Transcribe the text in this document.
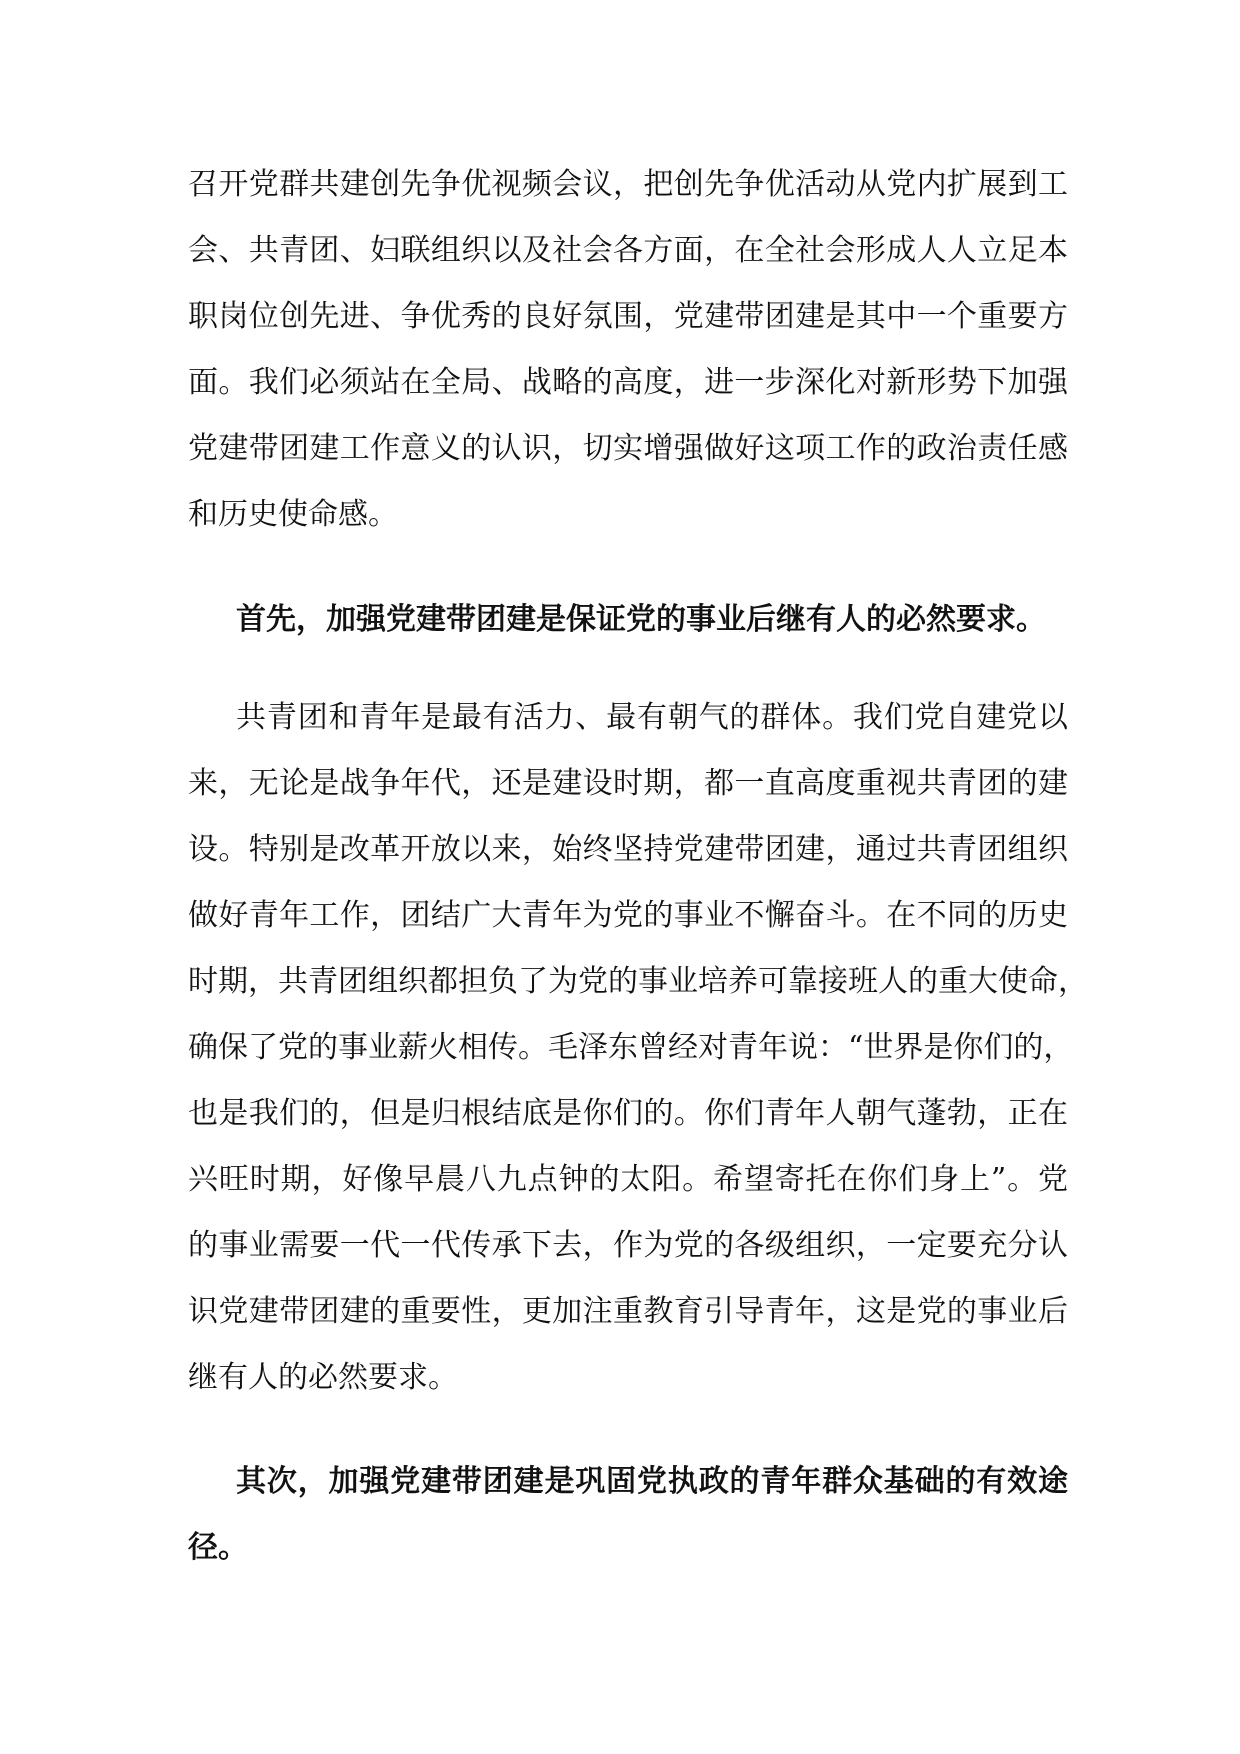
召开党群共建创先争优视频会议，把创先争优活动从党内扩展到工
会、共青团、妇联组织以及社会各方面，在全社会形成人人立足本
职岗位创先进、争优秀的良好氛围，党建带团建是其中一个重要方
面。我们必须站在全局、战略的高度，进一步深化对新形势下加强
党建带团建工作意义的认识，切实增强做好这项工作的政治责任感
和历史使命感。
首先，加强党建带团建是保证党的事业后继有人的必然要求。
共青团和青年是最有活力、最有朝气的群体。我们党自建党以
来，无论是战争年代，还是建设时期，都一直高度重视共青团的建
设。特别是改革开放以来，始终坚持党建带团建，通过共青团组织
做好青年工作，团结广大青年为党的事业不懈奋斗。在不同的历史
时期，共青团组织都担负了为党的事业培养可靠接班人的重大使命，
确保了党的事业薪火相传。毛泽东曾经对青年说：“世界是你们的，
也是我们的，但是归根结底是你们的。你们青年人朝气蓬勃，正在
兴旺时期，好像早晨八九点钟的太阳。希望寄托在你们身上”。党
的事业需要一代一代传承下去，作为党的各级组织，一定要充分认
识党建带团建的重要性，更加注重教育引导青年，这是党的事业后
继有人的必然要求。
其次，加强党建带团建是巩固党执政的青年群众基础的有效途
径。
